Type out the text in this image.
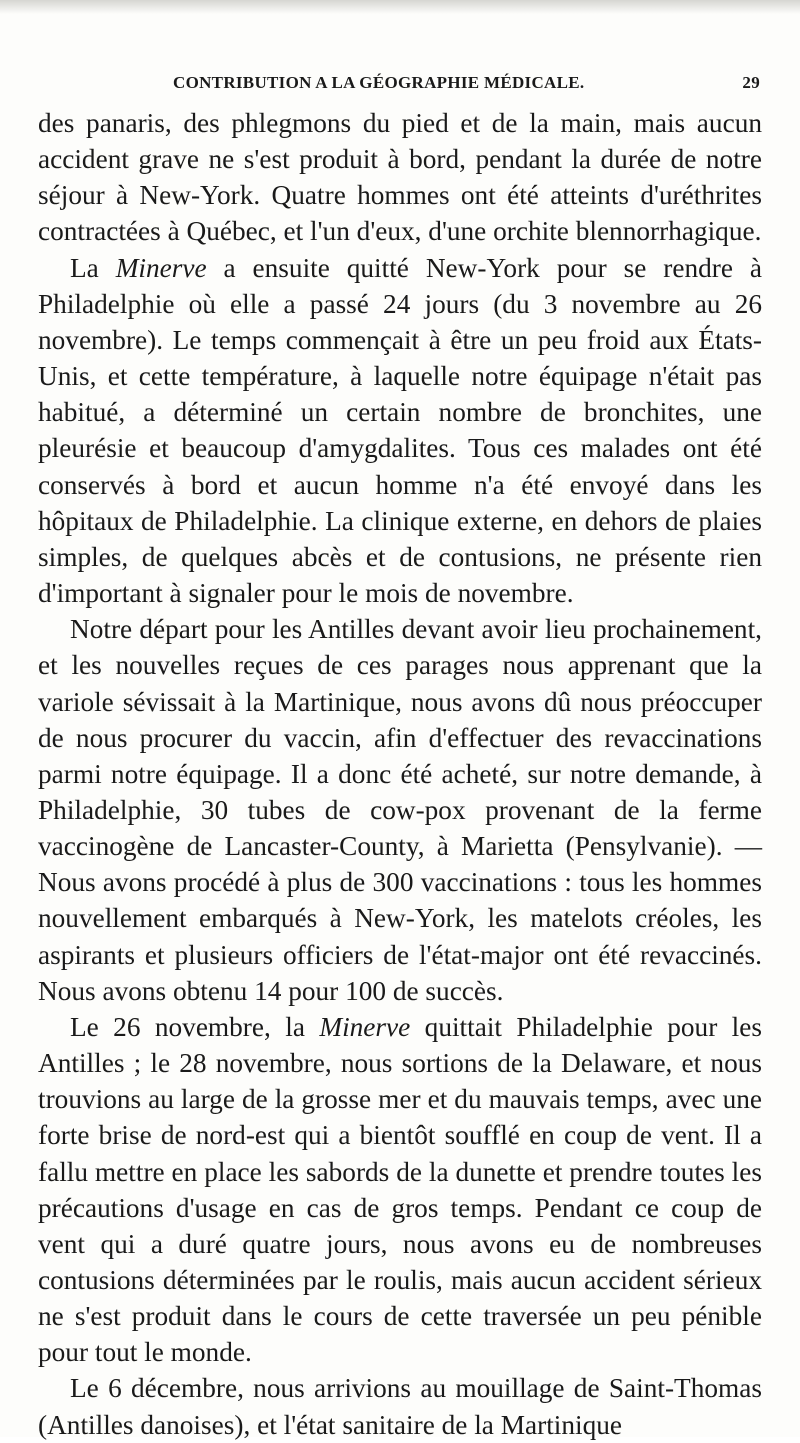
CONTRIBUTION A LA GÉOGRAPHIE MÉDICALE.	29

des panaris, des phlegmons du pied et de la main, mais aucun accident grave ne s'est produit à bord, pendant la durée de notre séjour à New-York. Quatre hommes ont été atteints d'uréthrites contractées à Québec, et l'un d'eux, d'une orchite blennorrhagique.

La Minerve a ensuite quitté New-York pour se rendre à Philadelphie où elle a passé 24 jours (du 3 novembre au 26 novembre). Le temps commençait à être un peu froid aux États-Unis, et cette température, à laquelle notre équipage n'était pas habitué, a déterminé un certain nombre de bronchites, une pleurésie et beaucoup d'amygdalites. Tous ces malades ont été conservés à bord et aucun homme n'a été envoyé dans les hôpitaux de Philadelphie. La clinique externe, en dehors de plaies simples, de quelques abcès et de contusions, ne présente rien d'important à signaler pour le mois de novembre.

Notre départ pour les Antilles devant avoir lieu prochainement, et les nouvelles reçues de ces parages nous apprenant que la variole sévissait à la Martinique, nous avons dû nous préoccuper de nous procurer du vaccin, afin d'effectuer des revaccinations parmi notre équipage. Il a donc été acheté, sur notre demande, à Philadelphie, 30 tubes de cow-pox provenant de la ferme vaccinogène de Lancaster-County, à Marietta (Pensylvanie). — Nous avons procédé à plus de 300 vaccinations : tous les hommes nouvellement embarqués à New-York, les matelots créoles, les aspirants et plusieurs officiers de l'état-major ont été revaccinés. Nous avons obtenu 14 pour 100 de succès.

Le 26 novembre, la Minerve quittait Philadelphie pour les Antilles ; le 28 novembre, nous sortions de la Delaware, et nous trouvions au large de la grosse mer et du mauvais temps, avec une forte brise de nord-est qui a bientôt soufflé en coup de vent. Il a fallu mettre en place les sabords de la dunette et prendre toutes les précautions d'usage en cas de gros temps. Pendant ce coup de vent qui a duré quatre jours, nous avons eu de nombreuses contusions déterminées par le roulis, mais aucun accident sérieux ne s'est produit dans le cours de cette traversée un peu pénible pour tout le monde.

Le 6 décembre, nous arrivions au mouillage de Saint-Thomas (Antilles danoises), et l'état sanitaire de la Martinique
